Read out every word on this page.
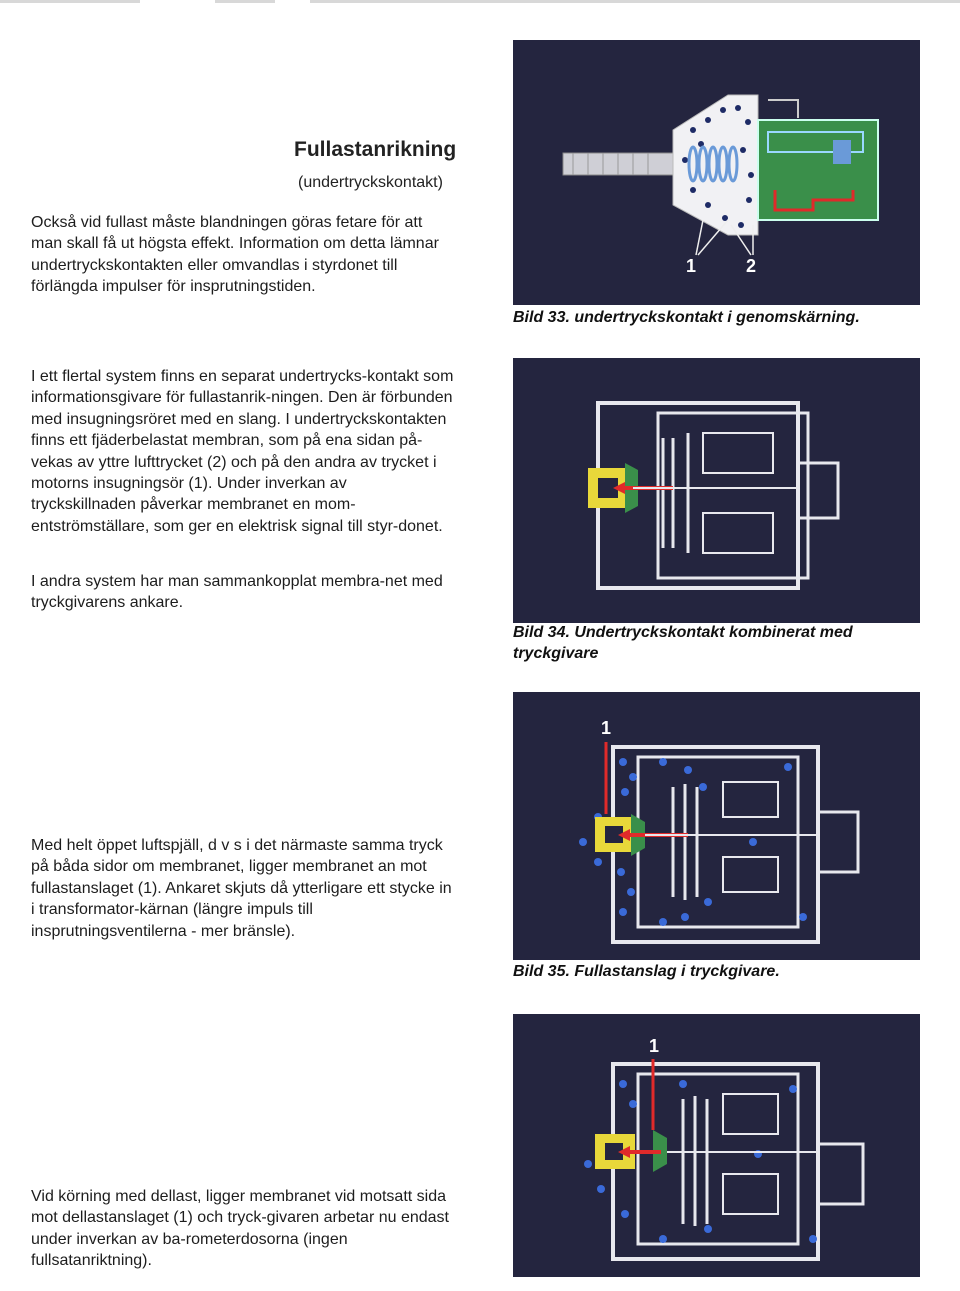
Fullastanrikning
(undertryckskontakt)
Också vid fullast måste blandningen göras fetare för att man skall få ut högsta effekt. Information om detta lämnar undertryckskontakten eller omvandlas i styrdonet till förlängda impulser för insprutningstiden.
I ett flertal system finns en separat undertrycks-kontakt som informationsgivare för fullastanrik-ningen. Den är förbunden med insugningsröret med en slang. I undertryckskontakten finns ett fjäderbelastat membran, som på ena sidan på-vekas av yttre lufttrycket (2) och på den andra av trycket i motorns insugningsör (1). Under inverkan av tryckskillnaden påverkar membranet en mom-entströmställare, som ger en elektrisk signal till styr-donet.
I andra system har man sammankopplat membra-net med tryckgivarens ankare.
Med helt öppet luftspjäll, d v s i det närmaste samma tryck på båda sidor om membranet, ligger membranet an mot fullastanslaget (1). Ankaret skjuts då ytterligare ett stycke in i transformator-kärnan (längre impuls till insprutningsventilerna - mer bränsle).
Vid körning med dellast, ligger membranet vid motsatt sida mot dellastanslaget (1) och tryck-givaren arbetar nu endast under inverkan av ba-rometerdosorna (ingen fullsatanriktning).
1	2
Bild 33. undertryckskontakt i genomskärning.
Bild 34. Undertryckskontakt kombinerat med tryckgivare
1
Bild 35. Fullastanslag i tryckgivare.
1
